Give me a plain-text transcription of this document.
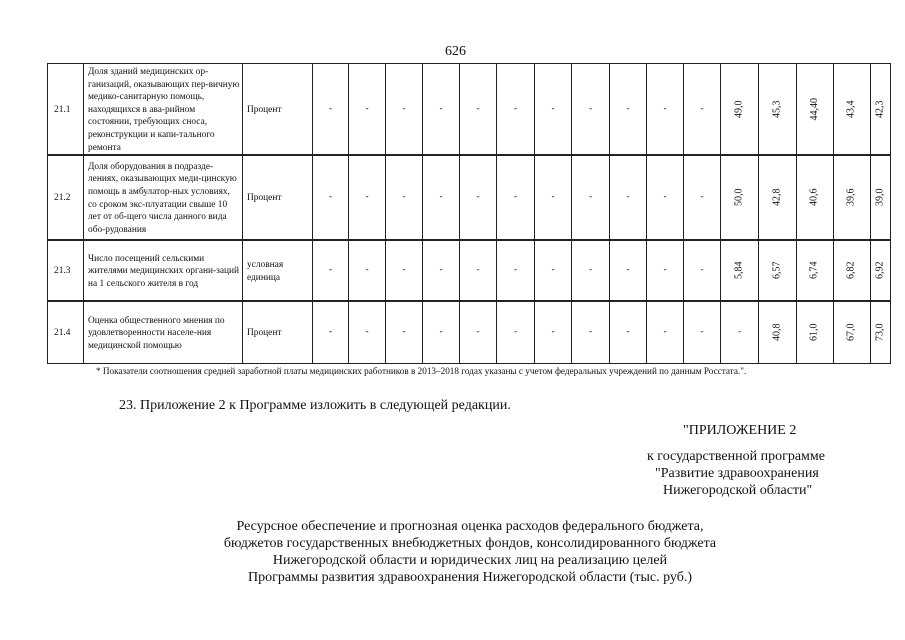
626
21.1	Доля зданий медицинских ор-ганизаций, оказывающих пер-вичную медико-санитарную помощь, находящихся в ава-рийном состоянии, требующих сноса, реконструкции и капи-тального ремонта	Процент	-	-	-	-	-	-	-	-	-	-	-	49,0	45,3	44,40	43,4	42,3
21.2	Доля оборудования в подразде-лениях, оказывающих меди-цинскую помощь в амбулатор-ных условиях, со сроком экс-плуатации свыше 10 лет от об-щего числа данного вида обо-рудования	Процент	-	-	-	-	-	-	-	-	-	-	-	50,0	42,8	40,6	39,6	39,0
21.3	Число посещений сельскими жителями медицинских органи-заций на 1 сельского жителя в год	условная единица	-	-	-	-	-	-	-	-	-	-	-	5,84	6,57	6,74	6,82	6,92
21.4	Оценка общественного мнения по удовлетворенности населе-ния медицинской помощью	Процент	-	-	-	-	-	-	-	-	-	-	-	-	40,8	61,0	67,0	73,0
* Показатели соотношения средней заработной платы медицинских работников в 2013–2018 годах указаны с учетом федеральных учреждений по данным Росстата.".
23. Приложение 2 к Программе изложить в следующей редакции.
"ПРИЛОЖЕНИЕ 2
к государственной программе
"Развитие здравоохранения
Нижегородской области"
Ресурсное обеспечение и прогнозная оценка расходов федерального бюджета,
бюджетов государственных внебюджетных фондов, консолидированного бюджета
Нижегородской области и юридических лиц на реализацию целей
Программы развития здравоохранения Нижегородской области (тыс. руб.)
